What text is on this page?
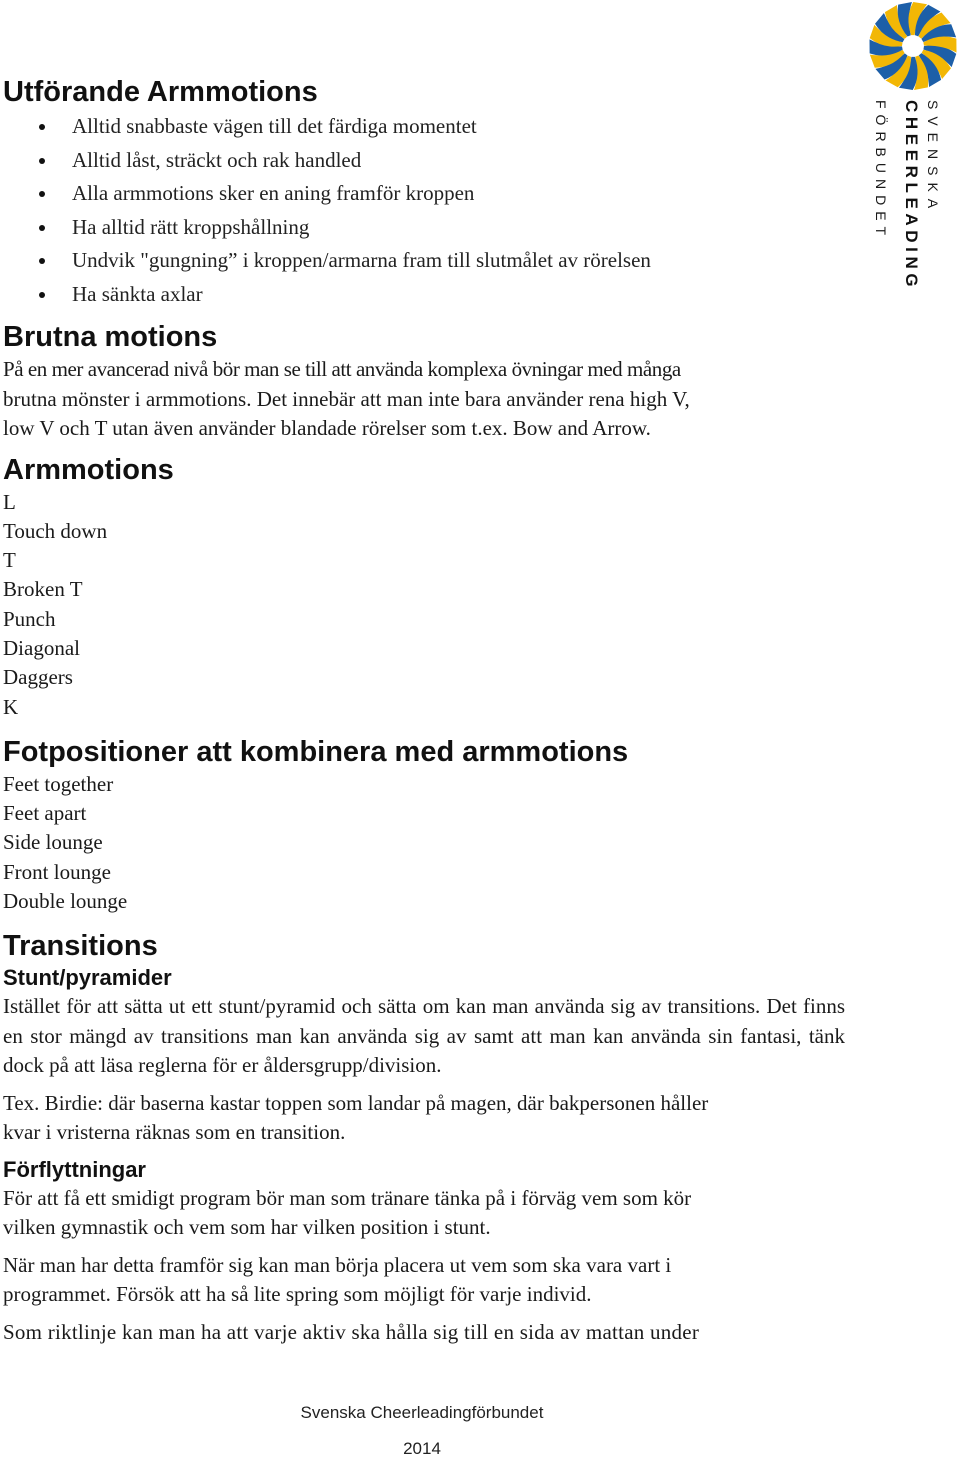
SVENSKA
CHEERLEADING
FÖRBUNDET
Utförande Armmotions
Alltid snabbaste vägen till det färdiga momentet
Alltid låst, sträckt och rak handled
Alla armmotions sker en aning framför kroppen
Ha alltid rätt kroppshållning
Undvik "gungning” i kroppen/armarna fram till slutmålet av rörelsen
Ha sänkta axlar
Brutna motions

På en mer avancerad nivå bör man se till att använda komplexa övningar med många

brutna mönster i armmotions. Det innebär att man inte bara använder rena high V,

low V och T utan även använder blandade rörelser som t.ex. Bow and Arrow.

Armmotions
L
Touch down
T
Broken T
Punch
Diagonal
Daggers
K
Fotpositioner att kombinera med armmotions
Feet together
Feet apart
Side lounge
Front lounge
Double lounge
Transitions
Stunt/pyramider

Istället för att sätta ut ett stunt/pyramid och sätta om kan man använda sig av transitions. Det finns en stor mängd av transitions man kan använda sig av samt att man kan använda sin fantasi, tänk dock på att läsa reglerna för er åldersgrupp/division.

Tex. Birdie: där baserna kastar toppen som landar på magen, där bakpersonen håller

kvar i vristerna räknas som en transition.

Förflyttningar

För att få ett smidigt program bör man som tränare tänka på i förväg vem som kör

vilken gymnastik och vem som har vilken position i stunt.

När man har detta framför sig kan man börja placera ut vem som ska vara vart i

programmet. Försök att ha så lite spring som möjligt för varje individ.

Som riktlinje kan man ha att varje aktiv ska hålla sig till en sida av mattan under

Svenska Cheerleadingförbundet
2014
